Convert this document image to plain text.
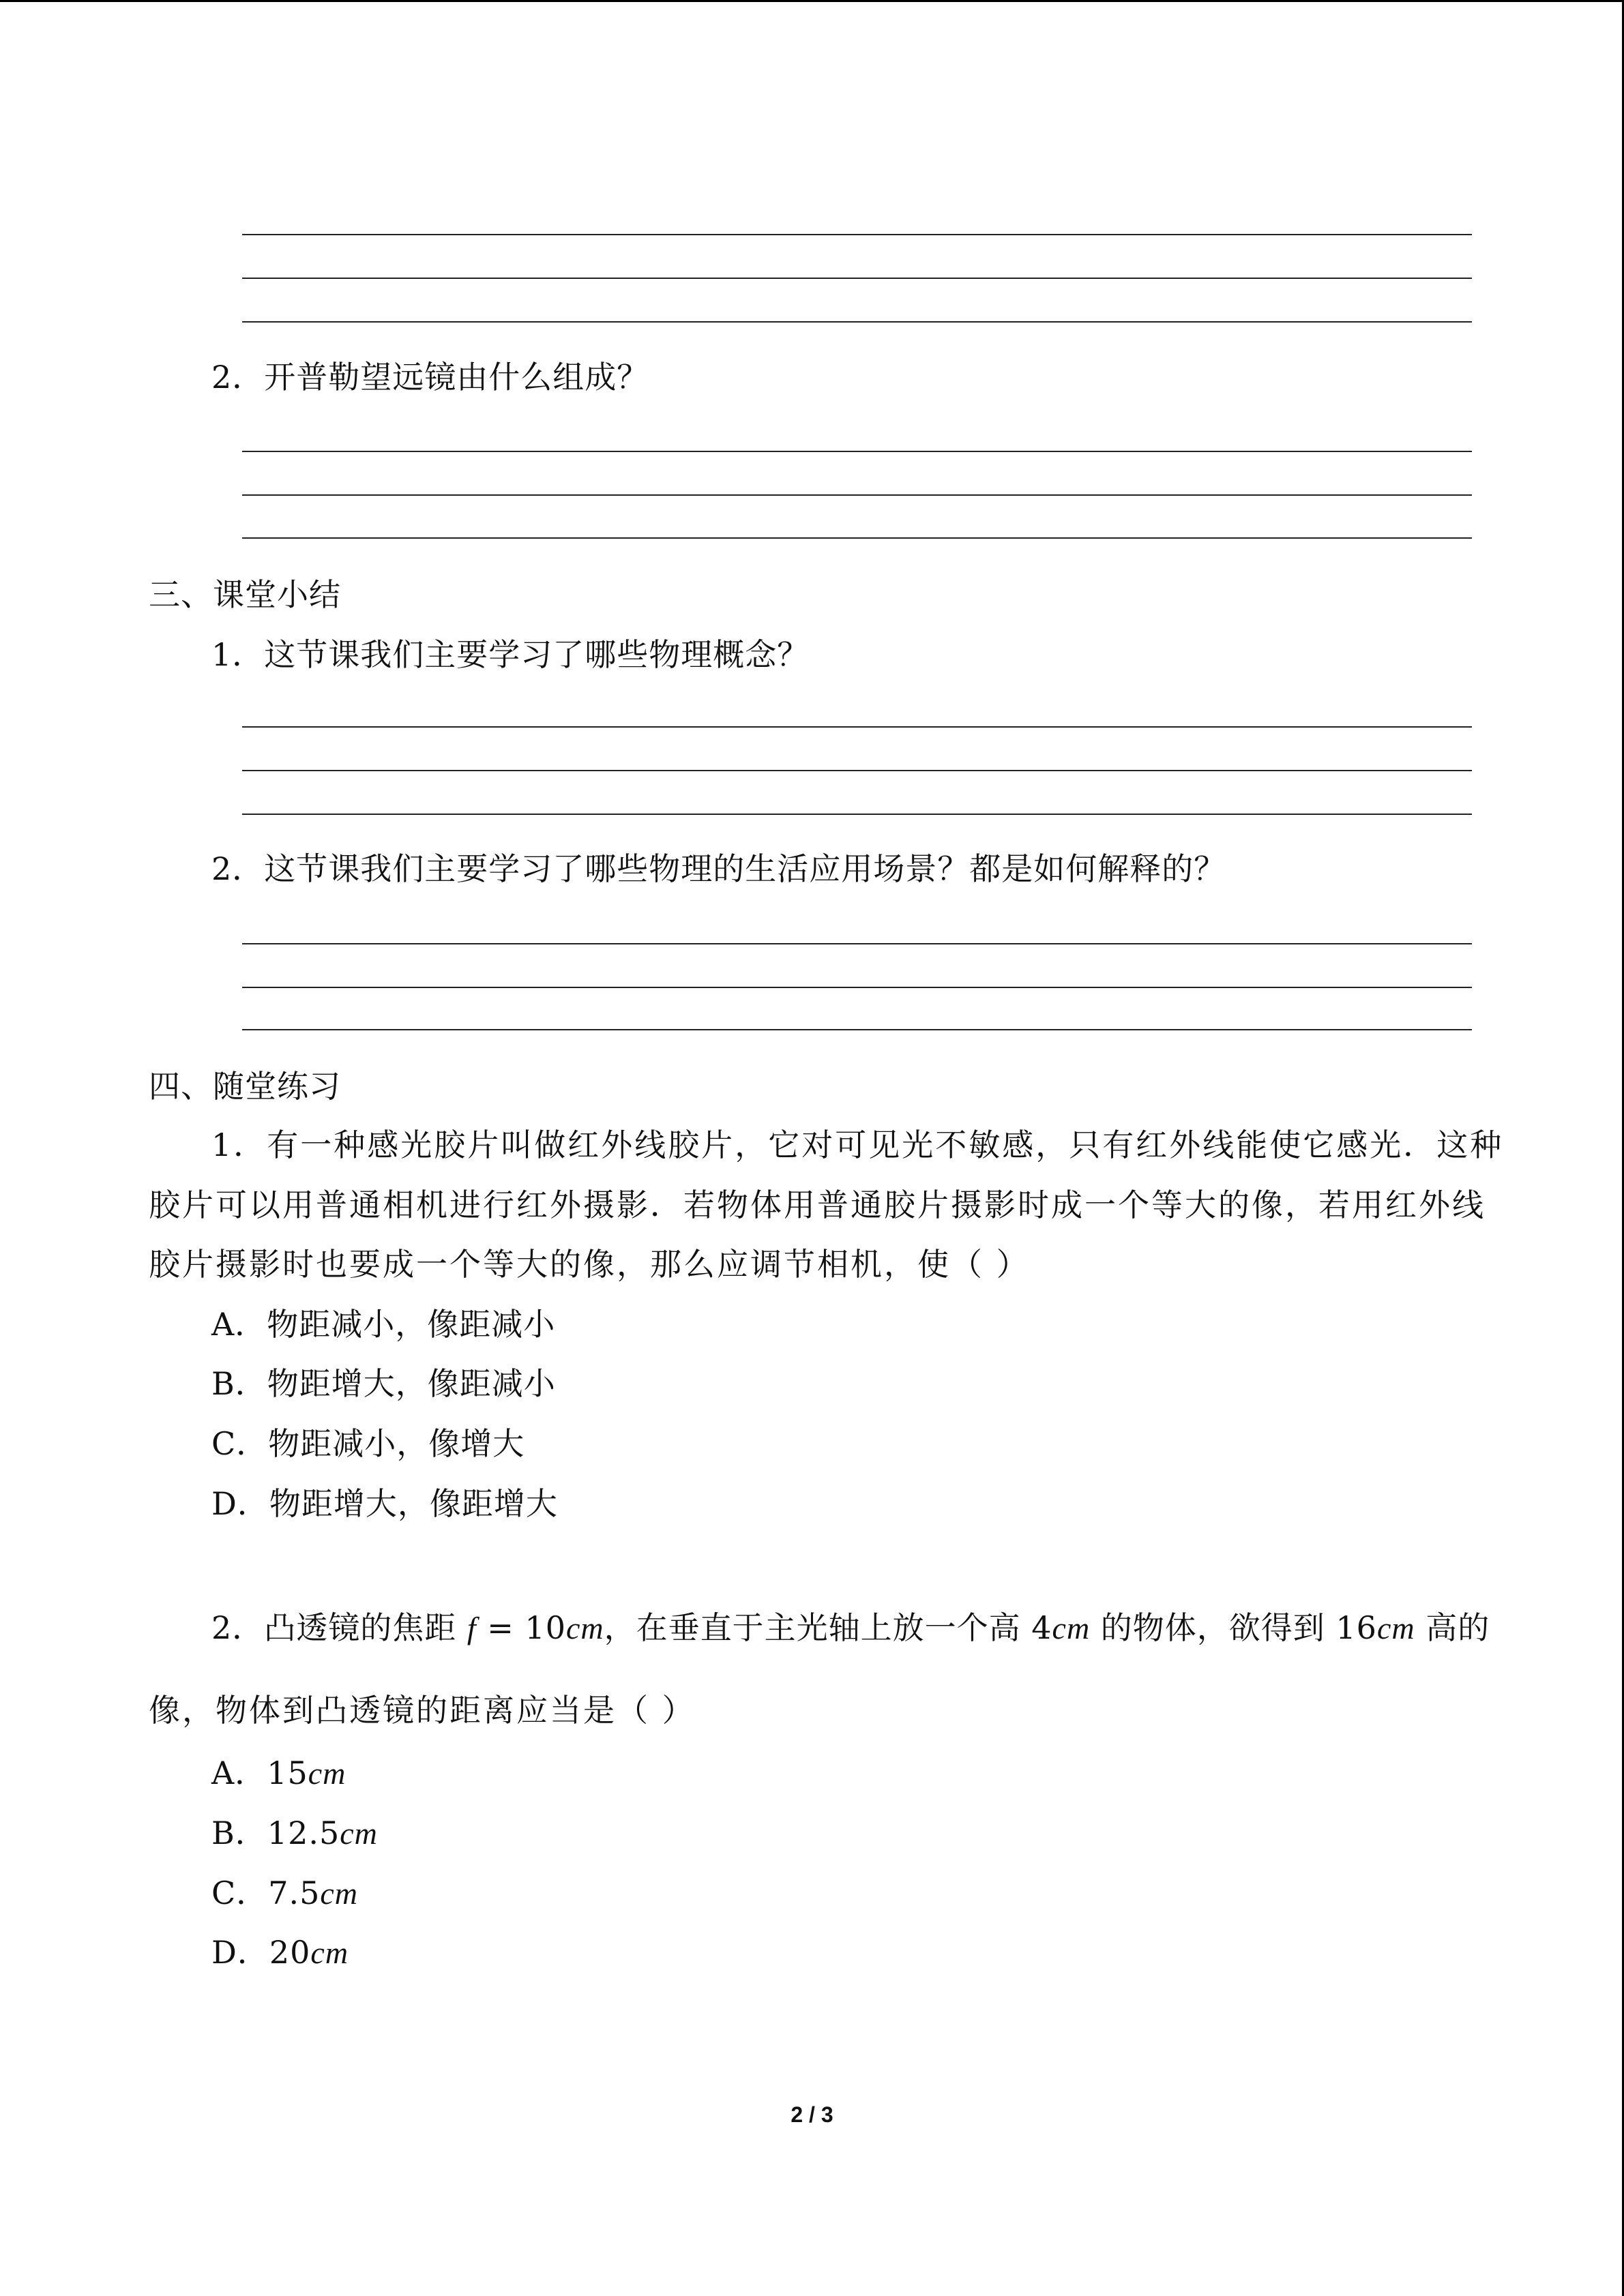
2．开普勒望远镜由什么组成？
三、课堂小结
1．这节课我们主要学习了哪些物理概念？
2．这节课我们主要学习了哪些物理的生活应用场景？都是如何解释的？
四、随堂练习
1．有一种感光胶片叫做红外线胶片，它对可见光不敏感，只有红外线能使它感光．这种
胶片可以用普通相机进行红外摄影．若物体用普通胶片摄影时成一个等大的像，若用红外线
胶片摄影时也要成一个等大的像，那么应调节相机，使（ ）
A．物距减小，像距减小
B．物距增大，像距减小
C．物距减小，像增大
D．物距增大，像距增大
2．凸透镜的焦距 f = 10cm，在垂直于主光轴上放一个高 4cm 的物体，欲得到 16cm 高的
像，物体到凸透镜的距离应当是（ ）
A．15cm
B．12.5cm
C．7.5cm
D．20cm
2 / 3
